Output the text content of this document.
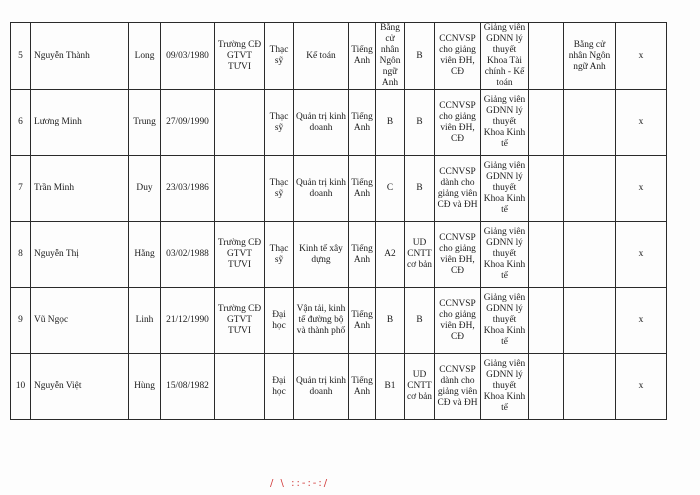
5	Nguyễn Thành	Long	09/03/1980	Trường CĐ GTVT TƯVI	Thạc sỹ	Kế toán	Tiếng Anh	Bằng cử nhân Ngôn ngữ Anh	B	CCNVSP cho giảng viên ĐH, CĐ	Giảng viên GDNN lý thuyết Khoa Tài chính - Kế toán		Bằng cử nhân Ngôn ngữ Anh	x
6	Lương Minh	Trung	27/09/1990		Thạc sỹ	Quản trị kinh doanh	Tiếng Anh	B	B	CCNVSP cho giảng viên ĐH, CĐ	Giảng viên GDNN lý thuyết Khoa Kinh tế			x
7	Trần Minh	Duy	23/03/1986		Thạc sỹ	Quản trị kinh doanh	Tiếng Anh	C	B	CCNVSP dành cho giảng viên CĐ và ĐH	Giảng viên GDNN lý thuyết Khoa Kinh tế			x
8	Nguyễn Thị	Hằng	03/02/1988	Trường CĐ GTVT TƯVI	Thạc sỹ	Kinh tế xây dựng	Tiếng Anh	A2	UD CNTT cơ bản	CCNVSP cho giảng viên ĐH, CĐ	Giảng viên GDNN lý thuyết Khoa Kinh tế			x
9	Vũ Ngọc	Linh	21/12/1990	Trường CĐ GTVT TƯVI	Đại học	Vận tải, kinh tế đường bộ và thành phố	Tiếng Anh	B	B	CCNVSP cho giảng viên ĐH, CĐ	Giảng viên GDNN lý thuyết Khoa Kinh tế			x
10	Nguyễn Việt	Hùng	15/08/1982		Đại học	Quản trị kinh doanh	Tiếng Anh	B1	UD CNTT cơ bản	CCNVSP dành cho giảng viên CĐ và ĐH	Giảng viên GDNN lý thuyết Khoa Kinh tế			x
/ \ ::-:-:/
